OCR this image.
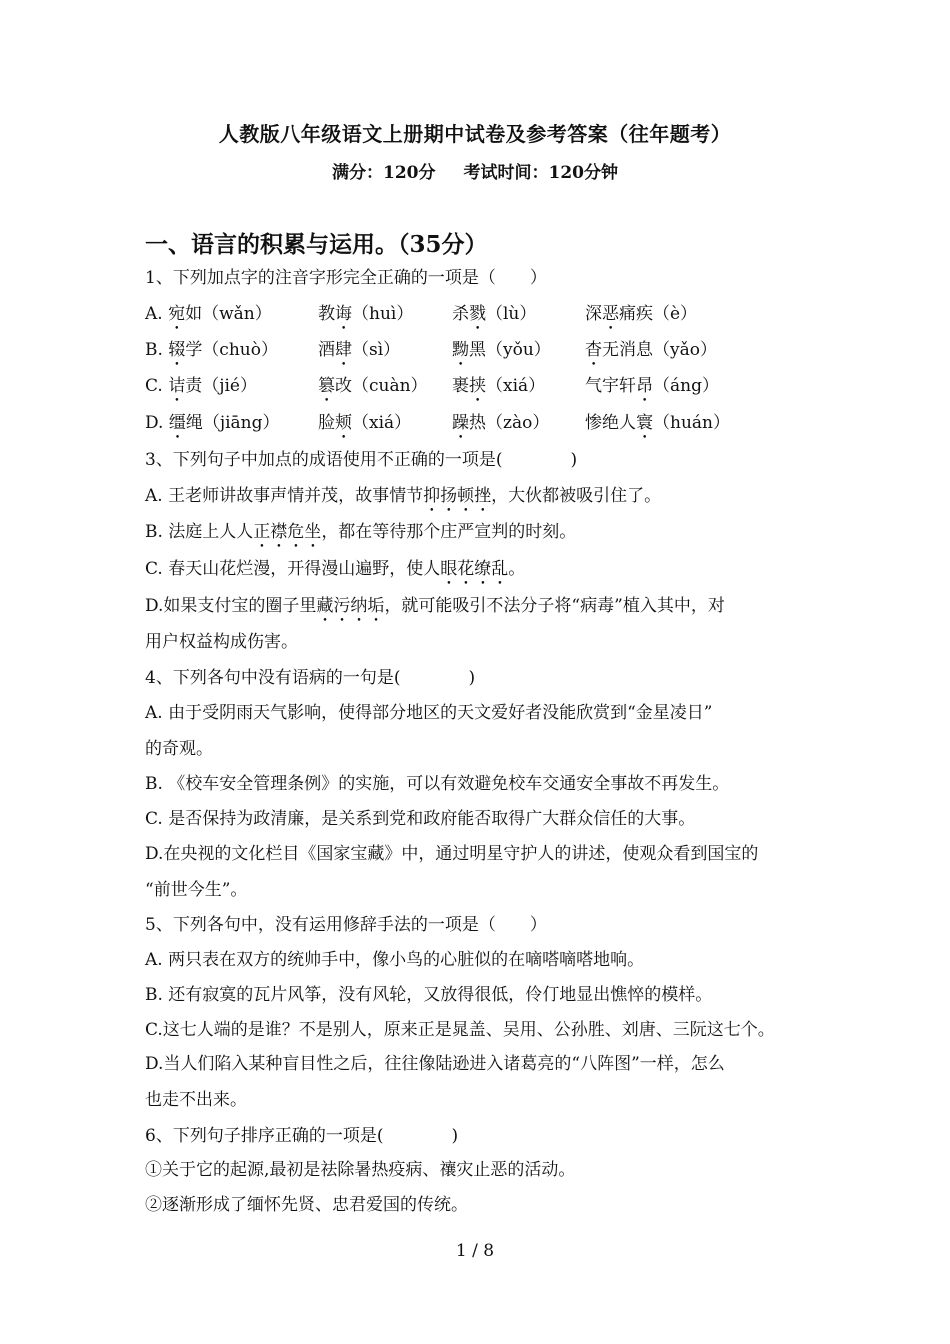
人教版八年级语文上册期中试卷及参考答案（往年题考）
满分：120分 考试时间：120分钟
一、语言的积累与运用。（35分）
1、下列加点字的注音字形完全正确的一项是（　　）
A. 宛如（wǎn）	教诲（huì） 杀戮（lù）	深恶痛疾（è）
B. 辍学（chuò） 酒肆（sì）	黝黑（yǒu） 杳无消息（yǎo）
C. 诘责（jié）	篡改（cuàn） 裹挟（xiá） 气宇轩昂（áng）
D. 缰绳（jiāng） 脸颊（xiá） 躁热（zào） 惨绝人寰（huán）
3、下列句子中加点的成语使用不正确的一项是(　　　　)
A. 王老师讲故事声情并茂，故事情节抑扬顿挫，大伙都被吸引住了。
B. 法庭上人人正襟危坐，都在等待那个庄严宣判的时刻。
C. 春天山花烂漫，开得漫山遍野，使人眼花缭乱。
D.如果支付宝的圈子里藏污纳垢，就可能吸引不法分子将“病毒”植入其中，对
用户权益构成伤害。
4、下列各句中没有语病的一句是(　　　　)
A. 由于受阴雨天气影响，使得部分地区的天文爱好者没能欣赏到“金星凌日”
的奇观。
B. 《校车安全管理条例》的实施，可以有效避免校车交通安全事故不再发生。
C. 是否保持为政清廉，是关系到党和政府能否取得广大群众信任的大事。
D.在央视的文化栏目《国家宝藏》中，通过明星守护人的讲述，使观众看到国宝的
“前世今生”。
5、下列各句中，没有运用修辞手法的一项是（　　）
A. 两只表在双方的统帅手中，像小鸟的心脏似的在嘀嗒嘀嗒地响。
B. 还有寂寞的瓦片风筝，没有风轮，又放得很低，伶仃地显出憔悴的模样。
C.这七人端的是谁？不是别人，原来正是晁盖、吴用、公孙胜、刘唐、三阮这七个。
D.当人们陷入某种盲目性之后，往往像陆逊进入诸葛亮的“八阵图”一样，怎么
也走不出来。
6、下列句子排序正确的一项是(　　　　)
①关于它的起源,最初是祛除暑热疫病、禳灾止恶的活动。
②逐渐形成了缅怀先贤、忠君爱国的传统。
1 / 8
